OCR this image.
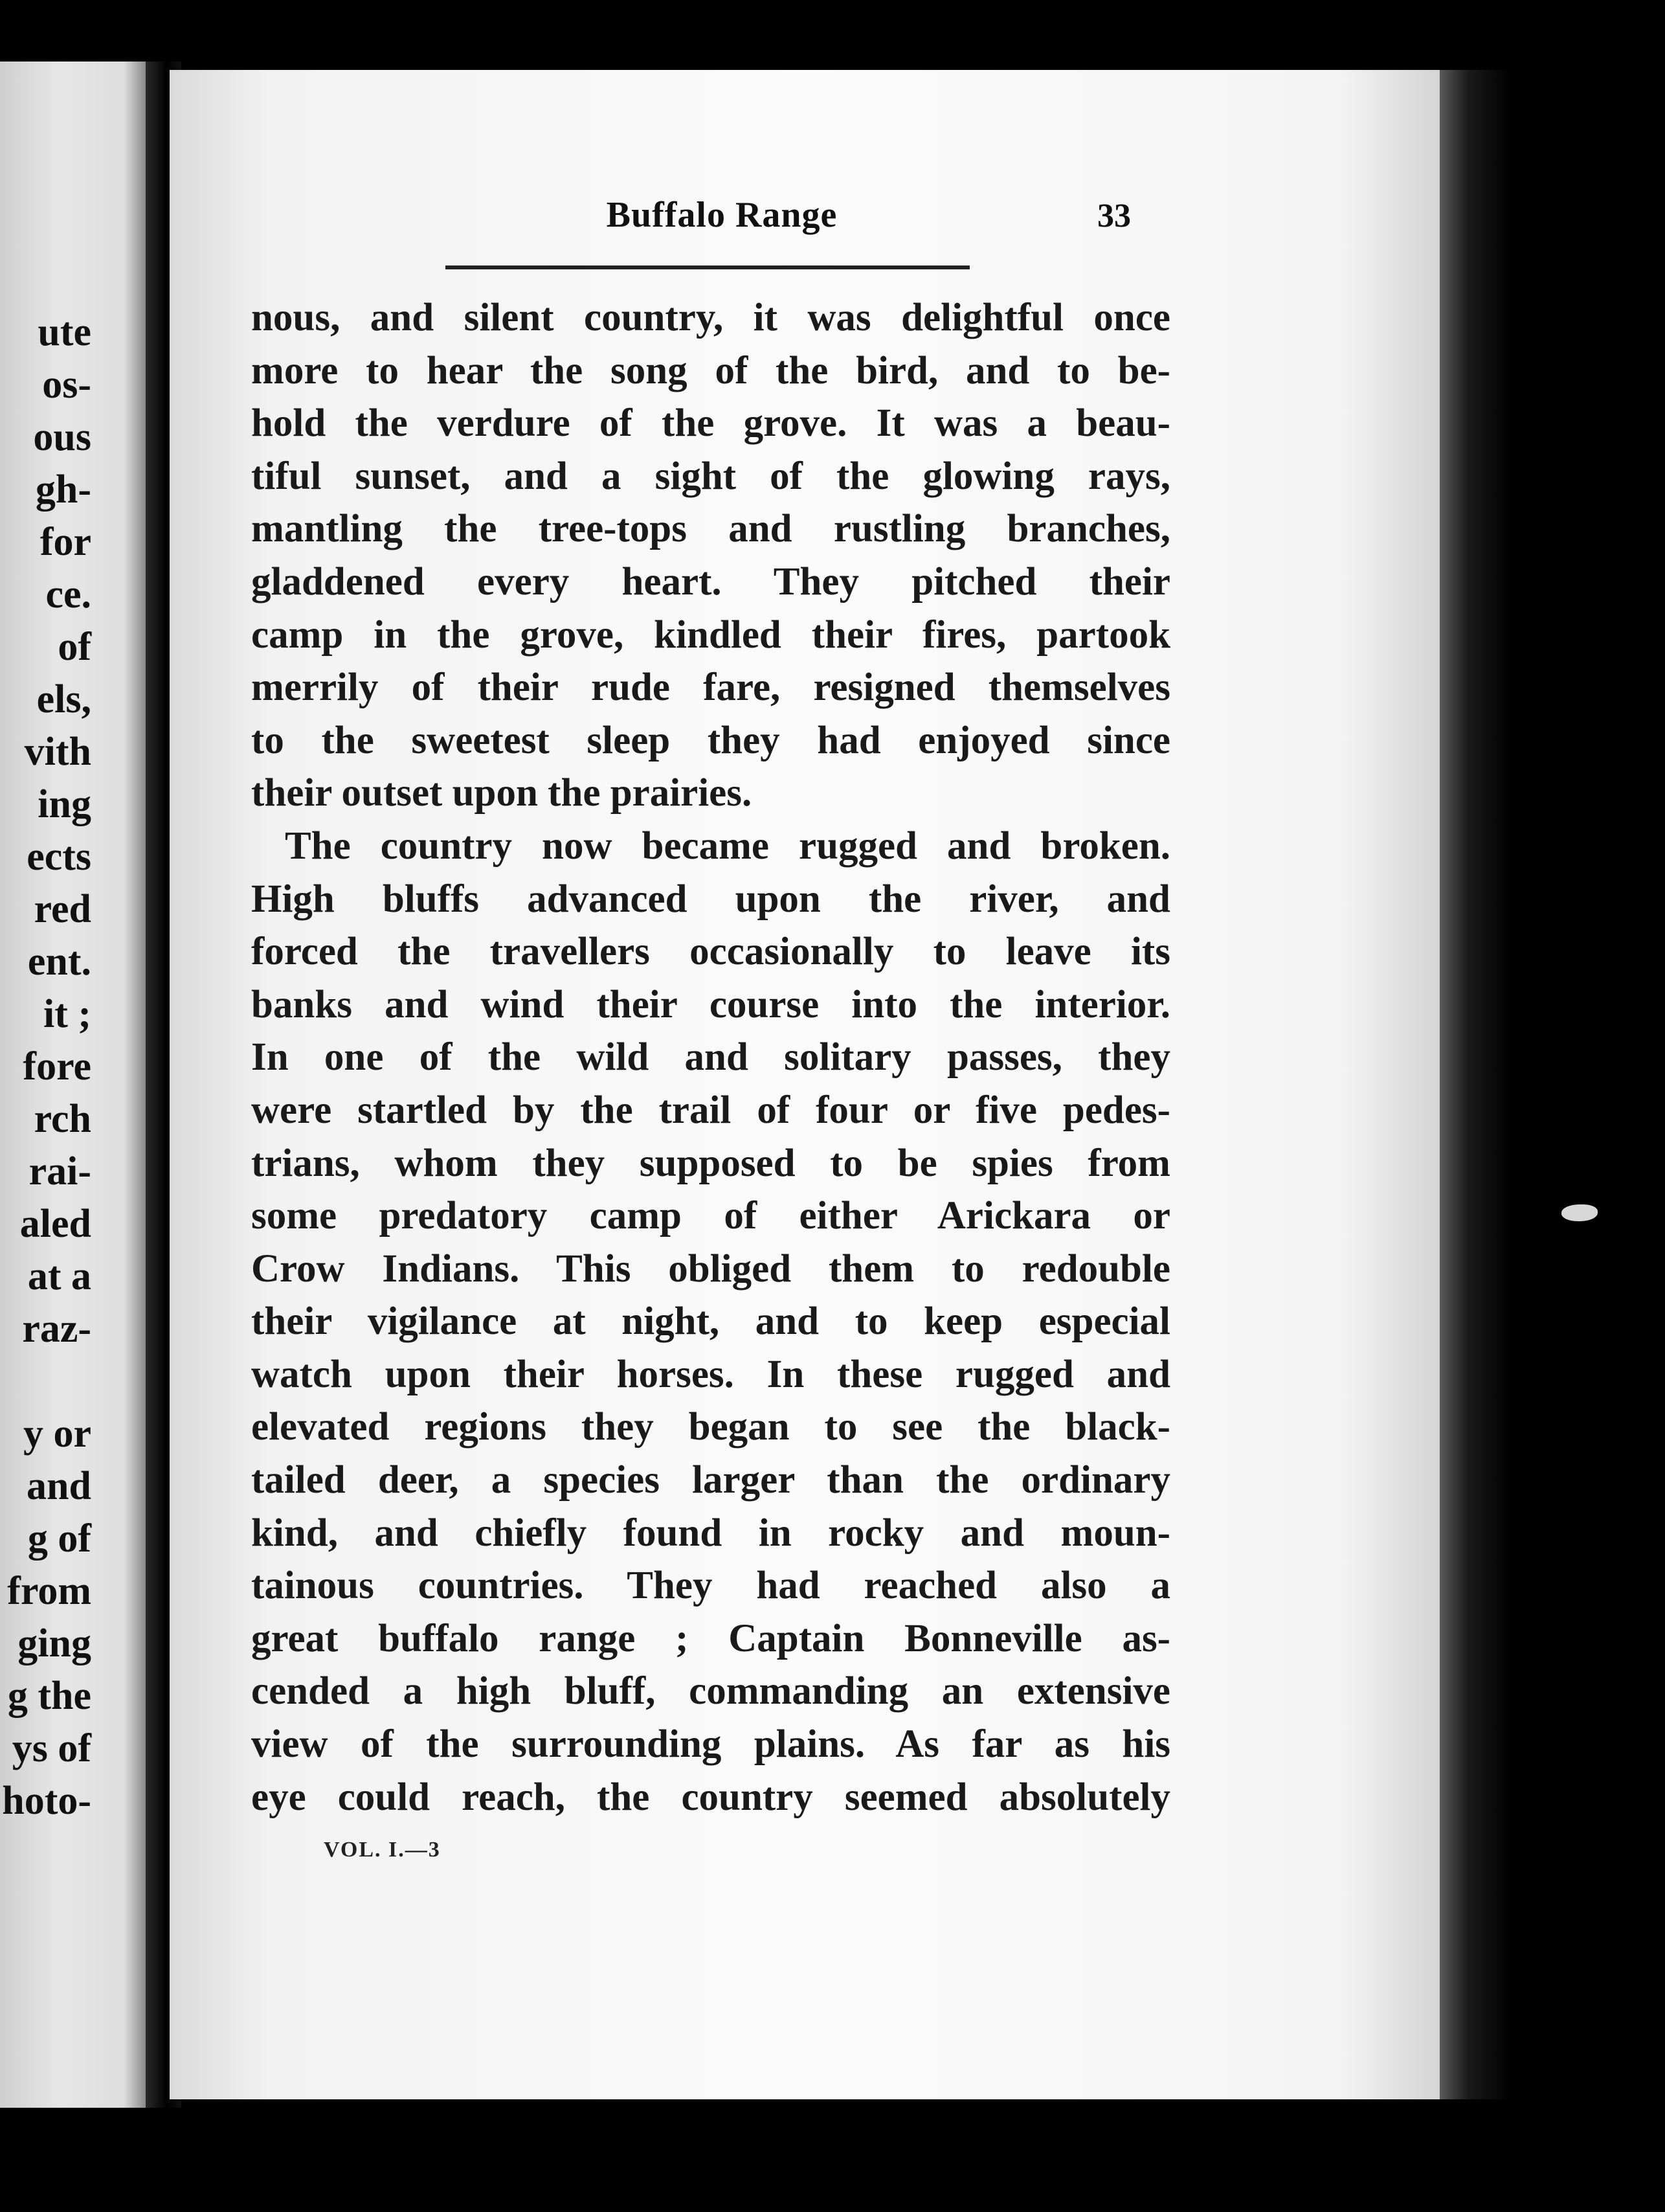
ute
os-
ous
gh-
for
ce.
of
els,
vith
ing
ects
red
ent.
it ;
fore
rch
rai-
aled
at a
raz-
y or
and
g of
from
ging
g the
ys of
hoto-
Buffalo Range	33
nous, and silent country, it was delightful once
more to hear the song of the bird, and to be-
hold the verdure of the grove. It was a beau-
tiful sunset, and a sight of the glowing rays,
mantling the tree-tops and rustling branches,
gladdened every heart. They pitched their
camp in the grove, kindled their fires, partook
merrily of their rude fare, resigned themselves
to the sweetest sleep they had enjoyed since
their outset upon the prairies.
The country now became rugged and broken.
High bluffs advanced upon the river, and
forced the travellers occasionally to leave its
banks and wind their course into the interior.
In one of the wild and solitary passes, they
were startled by the trail of four or five pedes-
trians, whom they supposed to be spies from
some predatory camp of either Arickara or
Crow Indians. This obliged them to redouble
their vigilance at night, and to keep especial
watch upon their horses. In these rugged and
elevated regions they began to see the black-
tailed deer, a species larger than the ordinary
kind, and chiefly found in rocky and moun-
tainous countries. They had reached also a
great buffalo range ; Captain Bonneville as-
cended a high bluff, commanding an extensive
view of the surrounding plains. As far as his
eye could reach, the country seemed absolutely
VOL. I.—3
